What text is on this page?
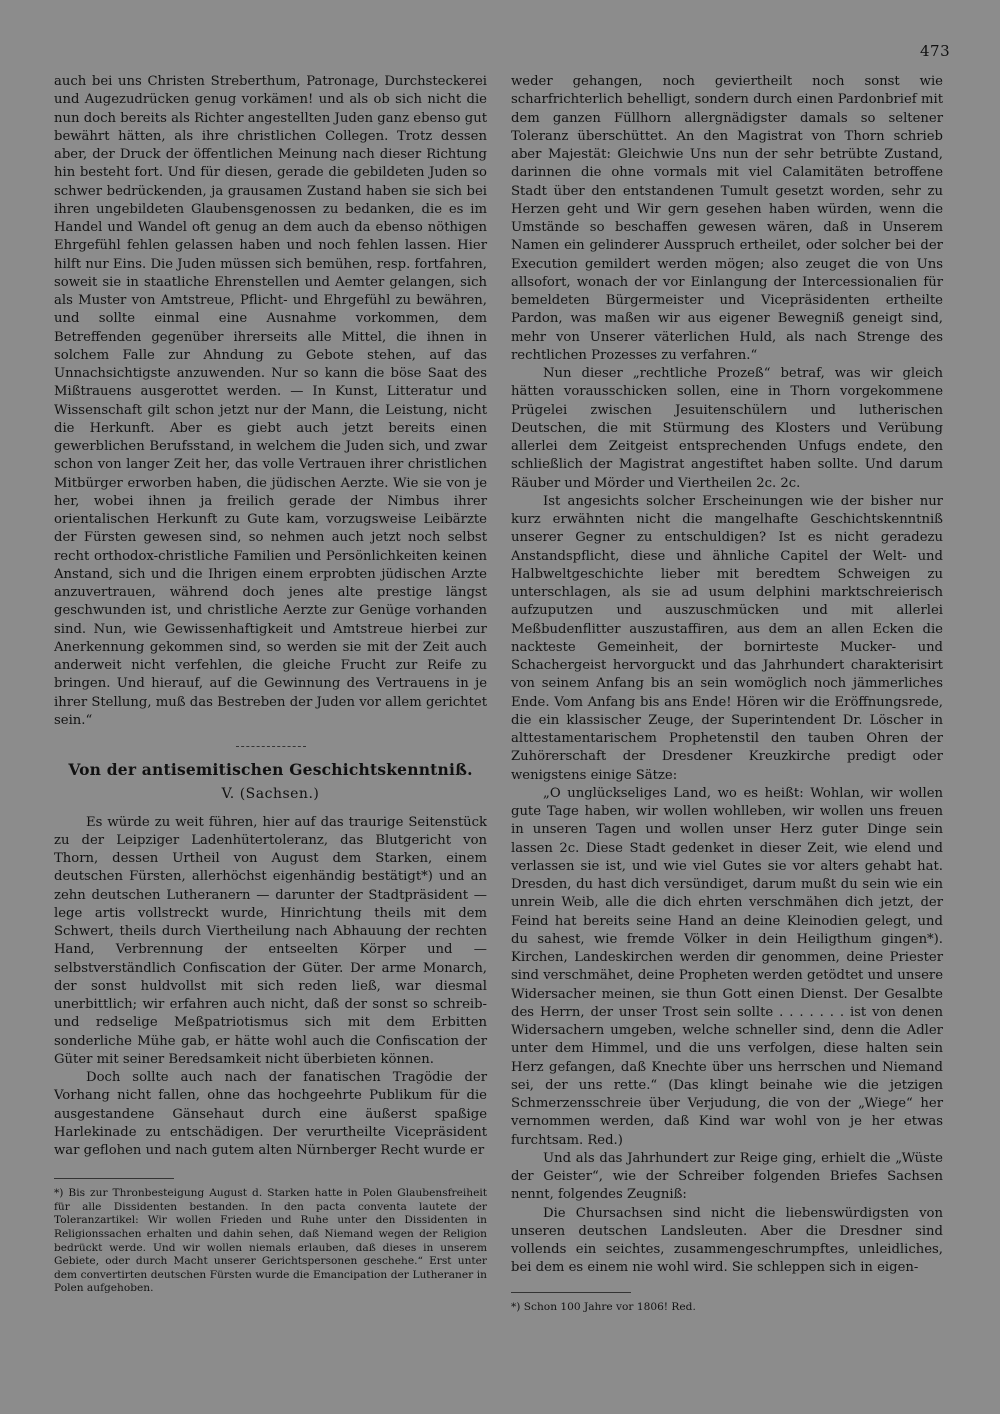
473

auch bei uns Christen Streberthum, Patronage, Durchsteckerei und Augezudrücken genug vorkämen! und als ob sich nicht die nun doch bereits als Richter angestellten Juden ganz ebenso gut bewährt hätten, als ihre christlichen Collegen. Trotz dessen aber, der Druck der öffentlichen Meinung nach dieser Richtung hin besteht fort. Und für diesen, gerade die gebildeten Juden so schwer bedrückenden, ja grausamen Zustand haben sie sich bei ihren ungebildeten Glaubensgenossen zu bedanken, die es im Handel und Wandel oft genug an dem auch da ebenso nöthigen Ehrgefühl fehlen gelassen haben und noch fehlen lassen. Hier hilft nur Eins. Die Juden müssen sich bemühen, resp. fortfahren, soweit sie in staatliche Ehrenstellen und Aemter gelangen, sich als Muster von Amtstreue, Pflicht- und Ehrgefühl zu bewähren, und sollte einmal eine Ausnahme vorkommen, dem Betreffenden gegenüber ihrerseits alle Mittel, die ihnen in solchem Falle zur Ahndung zu Gebote stehen, auf das Unnachsichtigste anzuwenden. Nur so kann die böse Saat des Mißtrauens ausgerottet werden. — In Kunst, Litteratur und Wissenschaft gilt schon jetzt nur der Mann, die Leistung, nicht die Herkunft. Aber es giebt auch jetzt bereits einen gewerblichen Berufsstand, in welchem die Juden sich, und zwar schon von langer Zeit her, das volle Vertrauen ihrer christlichen Mitbürger erworben haben, die jüdischen Aerzte. Wie sie von je her, wobei ihnen ja freilich gerade der Nimbus ihrer orientalischen Herkunft zu Gute kam, vorzugsweise Leibärzte der Fürsten gewesen sind, so nehmen auch jetzt noch selbst recht orthodox-christliche Familien und Persönlichkeiten keinen Anstand, sich und die Ihrigen einem erprobten jüdischen Arzte anzuvertrauen, während doch jenes alte prestige längst geschwunden ist, und christliche Aerzte zur Genüge vorhanden sind. Nun, wie Gewissenhaftigkeit und Amtstreue hierbei zur Anerkennung gekommen sind, so werden sie mit der Zeit auch anderweit nicht verfehlen, die gleiche Frucht zur Reife zu bringen. Und hierauf, auf die Gewinnung des Vertrauens in je ihrer Stellung, muß das Bestreben der Juden vor allem gerichtet sein.“

Von der antisemitischen Geschichtskenntniß.
V. (Sachsen.)

Es würde zu weit führen, hier auf das traurige Seitenstück zu der Leipziger Ladenhütertoleranz, das Blutgericht von Thorn, dessen Urtheil von August dem Starken, einem deutschen Fürsten, allerhöchst eigenhändig bestätigt*) und an zehn deutschen Lutheranern — darunter der Stadtpräsident — lege artis vollstreckt wurde, Hinrichtung theils mit dem Schwert, theils durch Viertheilung nach Abhauung der rechten Hand, Verbrennung der entseelten Körper und — selbstverständlich Confiscation der Güter. Der arme Monarch, der sonst huldvollst mit sich reden ließ, war diesmal unerbittlich; wir erfahren auch nicht, daß der sonst so schreib- und redselige Meßpatriotismus sich mit dem Erbitten sonderliche Mühe gab, er hätte wohl auch die Confiscation der Güter mit seiner Beredsamkeit nicht überbieten können.

Doch sollte auch nach der fanatischen Tragödie der Vorhang nicht fallen, ohne das hochgeehrte Publikum für die ausgestandene Gänsehaut durch eine äußerst spaßige Harlekinade zu entschädigen. Der verurtheilte Vicepräsident war geflohen und nach gutem alten Nürnberger Recht wurde er

*) Bis zur Thronbesteigung August d. Starken hatte in Polen Glaubensfreiheit für alle Dissidenten bestanden. In den pacta conventa lautete der Toleranzartikel: Wir wollen Frieden und Ruhe unter den Dissidenten in Religionssachen erhalten und dahin sehen, daß Niemand wegen der Religion bedrückt werde. Und wir wollen niemals erlauben, daß dieses in unserem Gebiete, oder durch Macht unserer Gerichtspersonen geschehe.“ Erst unter dem convertirten deutschen Fürsten wurde die Emancipation der Lutheraner in Polen aufgehoben.

weder gehangen, noch geviertheilt noch sonst wie scharfrichterlich behelligt, sondern durch einen Pardonbrief mit dem ganzen Füllhorn allergnädigster damals so seltener Toleranz überschüttet. An den Magistrat von Thorn schrieb aber Majestät: Gleichwie Uns nun der sehr betrübte Zustand, darinnen die ohne vormals mit viel Calamitäten betroffene Stadt über den entstandenen Tumult gesetzt worden, sehr zu Herzen geht und Wir gern gesehen haben würden, wenn die Umstände so beschaffen gewesen wären, daß in Unserem Namen ein gelinderer Ausspruch ertheilet, oder solcher bei der Execution gemildert werden mögen; also zeuget die von Uns allsofort, wonach der vor Einlangung der Intercessionalien für bemeldeten Bürgermeister und Vicepräsidenten ertheilte Pardon, was maßen wir aus eigener Bewegniß geneigt sind, mehr von Unserer väterlichen Huld, als nach Strenge des rechtlichen Prozesses zu verfahren.“

Nun dieser „rechtliche Prozeß“ betraf, was wir gleich hätten vorausschicken sollen, eine in Thorn vorgekommene Prügelei zwischen Jesuitenschülern und lutherischen Deutschen, die mit Stürmung des Klosters und Verübung allerlei dem Zeitgeist entsprechenden Unfugs endete, den schließlich der Magistrat angestiftet haben sollte. Und darum Räuber und Mörder und Viertheilen 2c. 2c.

Ist angesichts solcher Erscheinungen wie der bisher nur kurz erwähnten nicht die mangelhafte Geschichtskenntniß unserer Gegner zu entschuldigen? Ist es nicht geradezu Anstandspflicht, diese und ähnliche Capitel der Welt- und Halbweltgeschichte lieber mit beredtem Schweigen zu unterschlagen, als sie ad usum delphini marktschreierisch aufzuputzen und auszuschmücken und mit allerlei Meßbudenflitter auszustaffiren, aus dem an allen Ecken die nackteste Gemeinheit, der bornirteste Mucker- und Schachergeist hervorguckt und das Jahrhundert charakterisirt von seinem Anfang bis an sein womöglich noch jämmerliches Ende. Vom Anfang bis ans Ende! Hören wir die Eröffnungsrede, die ein klassischer Zeuge, der Superintendent Dr. Löscher in alttestamentarischem Prophetenstil den tauben Ohren der Zuhörerschaft der Dresdener Kreuzkirche predigt oder wenigstens einige Sätze:

„O unglückseliges Land, wo es heißt: Wohlan, wir wollen gute Tage haben, wir wollen wohlleben, wir wollen uns freuen in unseren Tagen und wollen unser Herz guter Dinge sein lassen 2c. Diese Stadt gedenket in dieser Zeit, wie elend und verlassen sie ist, und wie viel Gutes sie vor alters gehabt hat. Dresden, du hast dich versündiget, darum mußt du sein wie ein unrein Weib, alle die dich ehrten verschmähen dich jetzt, der Feind hat bereits seine Hand an deine Kleinodien gelegt, und du sahest, wie fremde Völker in dein Heiligthum gingen*). Kirchen, Landeskirchen werden dir genommen, deine Priester sind verschmähet, deine Propheten werden getödtet und unsere Widersacher meinen, sie thun Gott einen Dienst. Der Gesalbte des Herrn, der unser Trost sein sollte . . . . . . . ist von denen Widersachern umgeben, welche schneller sind, denn die Adler unter dem Himmel, und die uns verfolgen, diese halten sein Herz gefangen, daß Knechte über uns herrschen und Niemand sei, der uns rette.“ (Das klingt beinahe wie die jetzigen Schmerzensschreie über Verjudung, die von der „Wiege“ her vernommen werden, daß Kind war wohl von je her etwas furchtsam. Red.)

Und als das Jahrhundert zur Reige ging, erhielt die „Wüste der Geister“, wie der Schreiber folgenden Briefes Sachsen nennt, folgendes Zeugniß:

Die Chursachsen sind nicht die liebenswürdigsten von unseren deutschen Landsleuten. Aber die Dresdner sind vollends ein seichtes, zusammengeschrumpftes, unleidliches, bei dem es einem nie wohl wird. Sie schleppen sich in eigen-

*) Schon 100 Jahre vor 1806! Red.
